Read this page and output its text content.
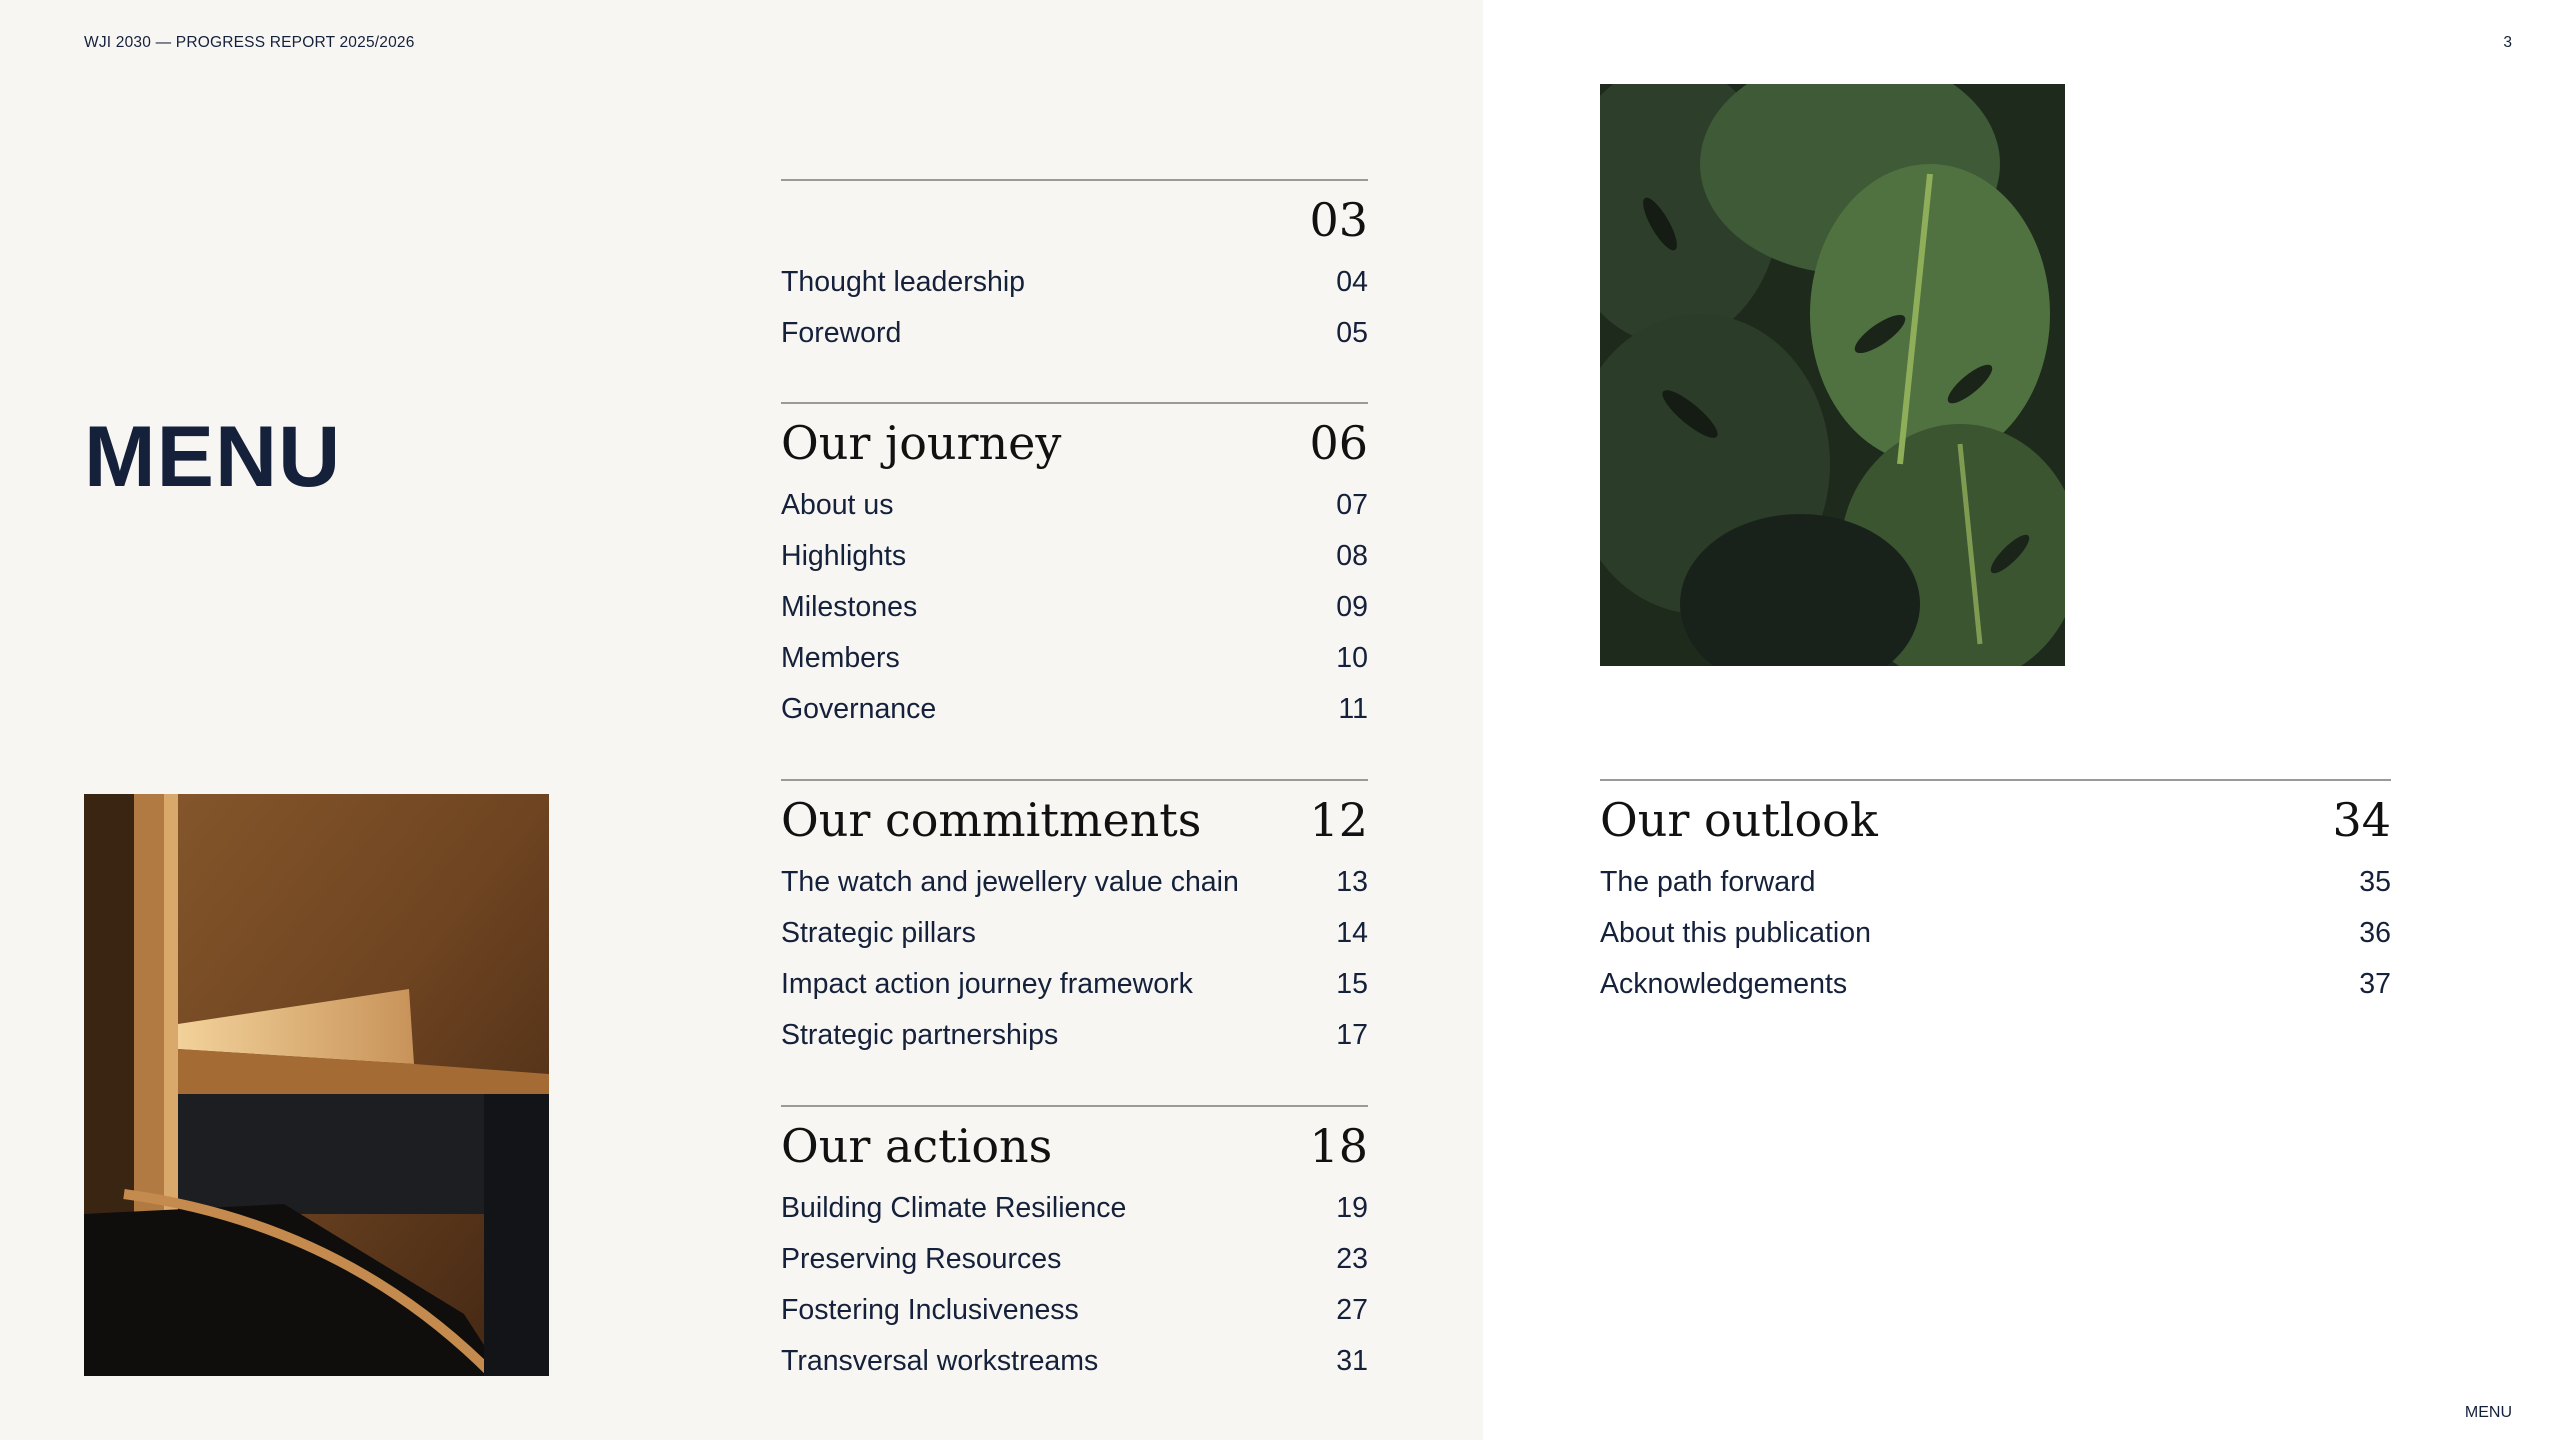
WJI 2030 — PROGRESS REPORT 2025/2026	3
MENU
03
Thought leadership	04
Foreword	05
Our journey	06
About us	07
Highlights	08
Milestones	09
Members	10
Governance	11
Our commitments 12
The watch and jewellery value chain	13
Strategic pillars	14
Impact action journey framework	15
Strategic partnerships	17
Our actions	18
Building Climate Resilience	19
Preserving Resources	23
Fostering Inclusiveness	27
Transversal workstreams	31
Our outlook	34
The path forward	35
About this publication	36
Acknowledgements	37
MENU
